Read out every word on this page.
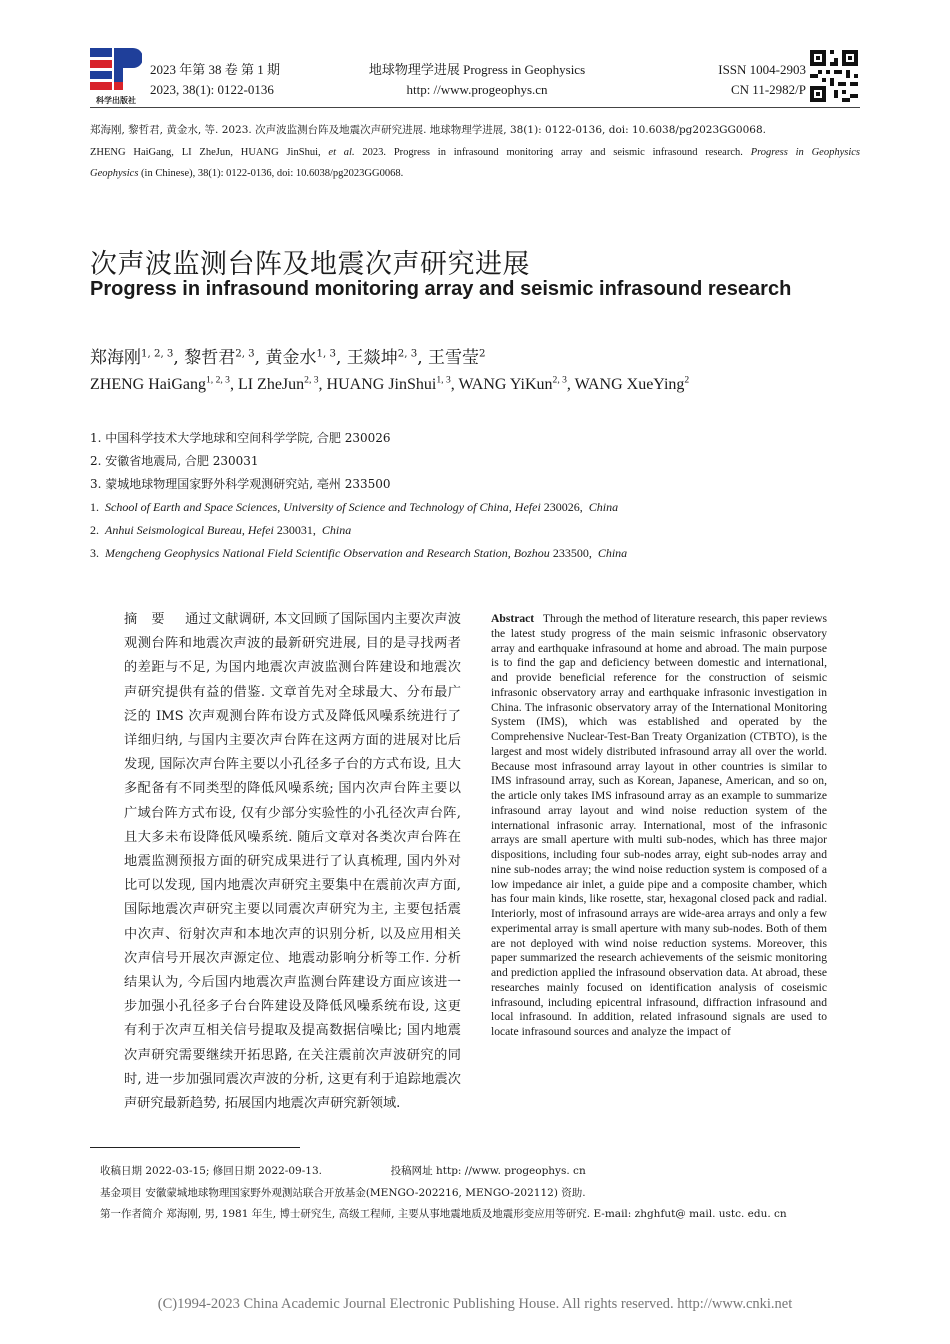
科学出版社
2023 年第 38 卷 第 1 期
2023, 38(1): 0122-0136
地球物理学进展 Progress in Geophysics
http: //www.progeophys.cn
ISSN 1004-2903
CN 11-2982/P
郑海刚, 黎哲君, 黄金水, 等. 2023. 次声波监测台阵及地震次声研究进展. 地球物理学进展, 38(1): 0122-0136, doi: 10.6038/pg2023GG0068.
ZHENG HaiGang, LI ZheJun, HUANG JinShui, et al. 2023. Progress in infrasound monitoring array and seismic infrasound research. Progress in Geophysics
Geophysics (in Chinese), 38(1): 0122-0136, doi: 10.6038/pg2023GG0068.
次声波监测台阵及地震次声研究进展
Progress in infrasound monitoring array and seismic infrasound research
郑海刚$^{1, 2, 3}$, 黎哲君$^{2, 3}$, 黄金水$^{1, 3}$, 王燚坤$^{2, 3}$, 王雪莹$^2$
ZHENG HaiGang$^{1, 2, 3}$, LI ZheJun$^{2, 3}$, HUANG JinShui$^{1, 3}$, WANG YiKun$^{2, 3}$, WANG XueYing$^2$
1. 中国科学技术大学地球和空间科学学院, 合肥 230026
2. 安徽省地震局, 合肥 230031
3. 蒙城地球物理国家野外科学观测研究站, 亳州 233500
1. School of Earth and Space Sciences, University of Science and Technology of China, Hefei 230026, China
2. Anhui Seismological Bureau, Hefei 230031, China
3. Mengcheng Geophysics National Field Scientific Observation and Research Station, Bozhou 233500, China
摘要 通过文献调研, 本文回顾了国际国内主要次声波观测台阵和地震次声波的最新研究进展, 目的是寻找两者的差距与不足, 为国内地震次声波监测台阵建设和地震次声研究提供有益的借鉴. 文章首先对全球最大、分布最广泛的 IMS 次声观测台阵布设方式及降低风噪系统进行了详细归纳, 与国内主要次声台阵在这两方面的进展对比后发现, 国际次声台阵主要以小孔径多子台的方式布设, 且大多配备有不同类型的降低风噪系统; 国内次声台阵主要以广域台阵方式布设, 仅有少部分实验性的小孔径次声台阵, 且大多未布设降低风噪系统. 随后文章对各类次声台阵在地震监测预报方面的研究成果进行了认真梳理, 国内外对比可以发现, 国内地震次声研究主要集中在震前次声方面, 国际地震次声研究主要以同震次声研究为主, 主要包括震中次声、衍射次声和本地次声的识别分析, 以及应用相关次声信号开展次声源定位、地震动影响分析等工作. 分析结果认为, 今后国内地震次声监测台阵建设方面应该进一步加强小孔径多子台台阵建设及降低风噪系统布设, 这更有利于次声互相关信号提取及提高数据信噪比; 国内地震次声研究需要继续开拓思路, 在关注震前次声波研究的同时, 进一步加强同震次声波的分析, 这更有利于追踪地震次声研究最新趋势, 拓展国内地震次声研究新领域.
Abstract Through the method of literature research, this paper reviews the latest study progress of the main seismic infrasonic observatory array and earthquake infrasound at home and abroad. The main purpose is to find the gap and deficiency between domestic and international, and provide beneficial reference for the construction of seismic infrasonic observatory array and earthquake infrasonic investigation in China. The infrasonic observatory array of the International Monitoring System (IMS), which was established and operated by the Comprehensive Nuclear-Test-Ban Treaty Organization (CTBTO), is the largest and most widely distributed infrasound array all over the world. Because most infrasound array layout in other countries is similar to IMS infrasound array, such as Korean, Japanese, American, and so on, the article only takes IMS infrasound array as an example to summarize infrasound array layout and wind noise reduction system of the international infrasonic array. International, most of the infrasonic arrays are small aperture with multi sub-nodes, which has three major dispositions, including four sub-nodes array, eight sub-nodes array and nine sub-nodes array; the wind noise reduction system is composed of a low impedance air inlet, a guide pipe and a composite chamber, which has four main kinds, like rosette, star, hexagonal closed pack and radial. Interiorly, most of infrasound arrays are wide-area arrays and only a few experimental array is small aperture with many sub-nodes. Both of them are not deployed with wind noise reduction systems. Moreover, this paper summarized the research achievements of the seismic monitoring and prediction applied the infrasound observation data. At abroad, these researches mainly focused on identification analysis of coseismic infrasound, including epicentral infrasound, diffraction infrasound and local infrasound. In addition, related infrasound signals are used to locate infrasound sources and analyze the impact of
收稿日期 2022-03-15; 修回日期 2022-09-13.	投稿网址 http: //www. progeophys. cn
基金项目 安徽蒙城地球物理国家野外观测站联合开放基金(MENGO-202216, MENGO-202112) 资助.
第一作者简介 郑海刚, 男, 1981 年生, 博士研究生, 高级工程师, 主要从事地震地质及地震形变应用等研究. E-mail: zhghfut@ mail. ustc. edu. cn
(C)1994-2023 China Academic Journal Electronic Publishing House. All rights reserved. http://www.cnki.net
